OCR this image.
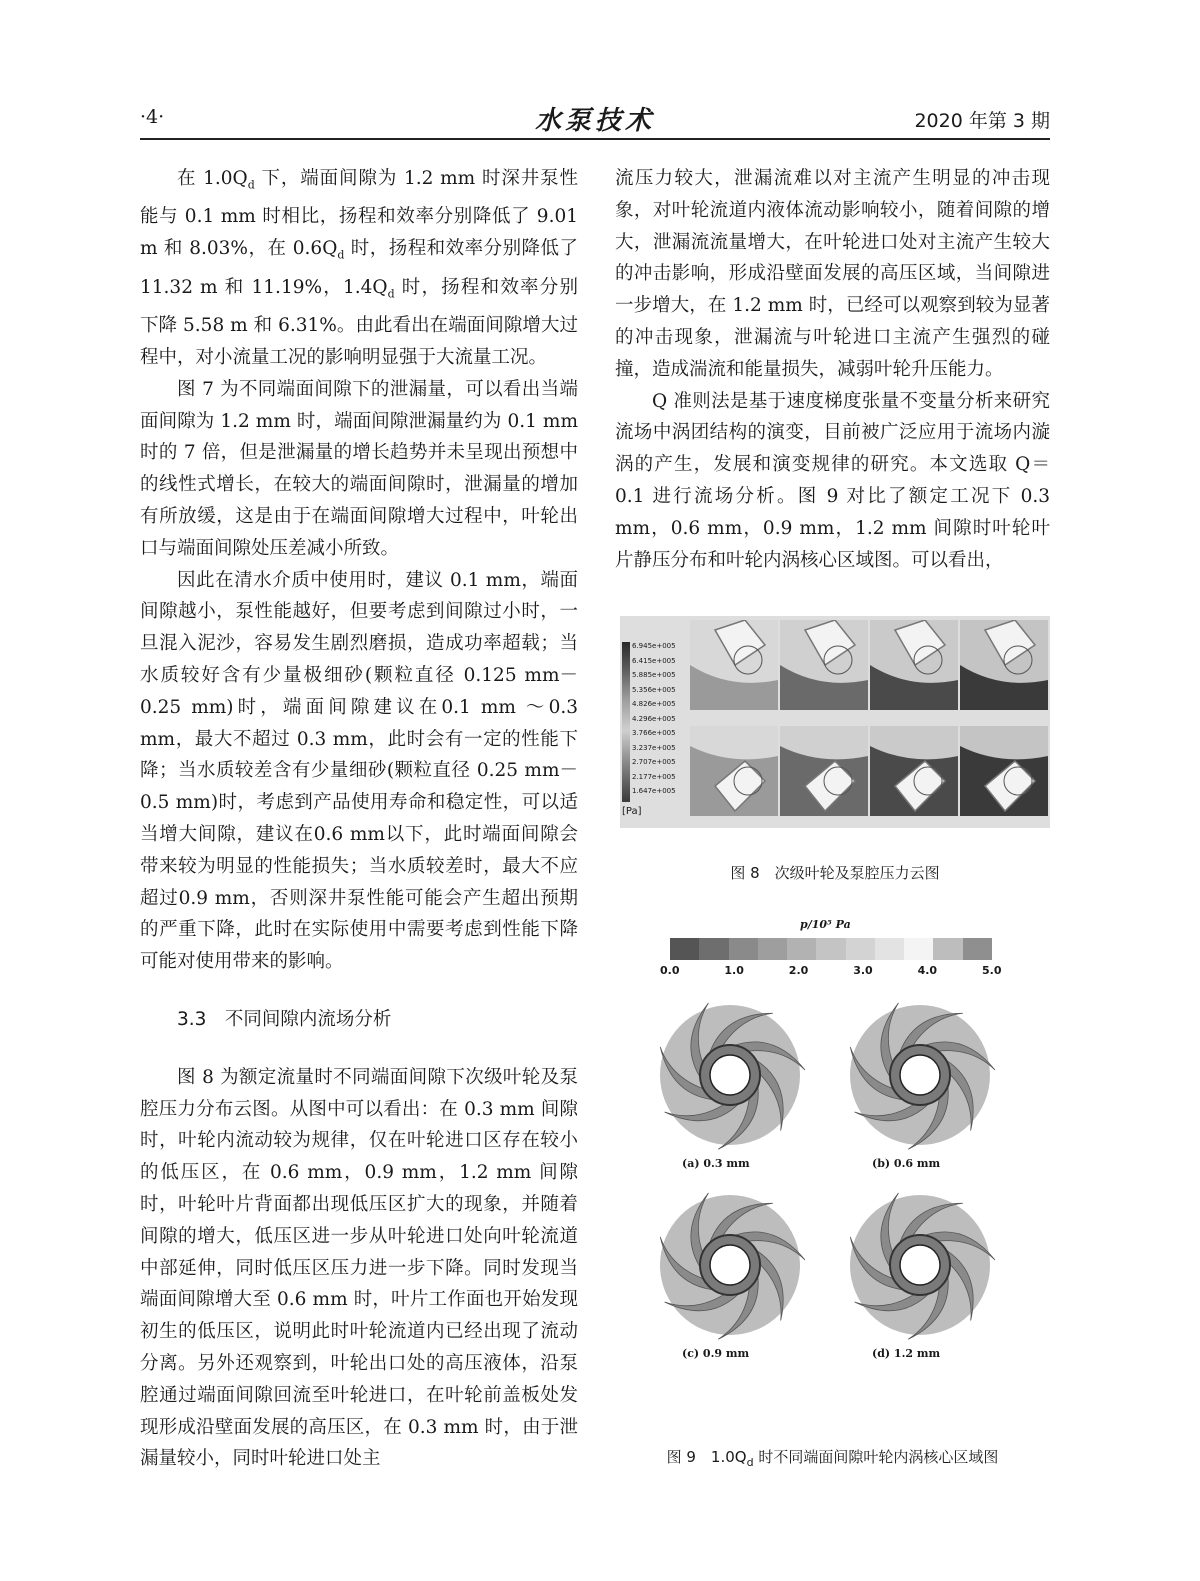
·4·	水泵技术	2020 年第 3 期

在 $1.0Q_d$ 下，端面间隙为 1.2 mm 时深井泵性能与 0.1 mm 时相比，扬程和效率分别降低了 9.01 m 和 8.03%，在 $0.6Q_d$ 时，扬程和效率分别降低了 11.32 m 和 11.19%，$1.4Q_d$ 时，扬程和效率分别下降 5.58 m 和 6.31%。由此看出在端面间隙增大过程中，对小流量工况的影响明显强于大流量工况。

图 7 为不同端面间隙下的泄漏量，可以看出当端面间隙为 1.2 mm 时，端面间隙泄漏量约为 0.1 mm时的 7 倍，但是泄漏量的增长趋势并未呈现出预想中的线性式增长，在较大的端面间隙时，泄漏量的增加有所放缓，这是由于在端面间隙增大过程中，叶轮出口与端面间隙处压差减小所致。

因此在清水介质中使用时，建议 0.1 mm，端面间隙越小，泵性能越好，但要考虑到间隙过小时，一旦混入泥沙，容易发生剧烈磨损，造成功率超载；当水质较好含有少量极细砂(颗粒直径 0.125 mm－0.25 mm)时，端面间隙建议在0.1 mm ～0.3 mm，最大不超过 0.3 mm，此时会有一定的性能下降；当水质较差含有少量细砂(颗粒直径 0.25 mm－0.5 mm)时，考虑到产品使用寿命和稳定性，可以适当增大间隙，建议在0.6 mm以下，此时端面间隙会带来较为明显的性能损失；当水质较差时，最大不应超过0.9 mm，否则深井泵性能可能会产生超出预期的严重下降，此时在实际使用中需要考虑到性能下降可能对使用带来的影响。

3.3　不同间隙内流场分析

图 8 为额定流量时不同端面间隙下次级叶轮及泵腔压力分布云图。从图中可以看出：在 0.3 mm 间隙时，叶轮内流动较为规律，仅在叶轮进口区存在较小的低压区，在 0.6 mm，0.9 mm，1.2 mm 间隙时，叶轮叶片背面都出现低压区扩大的现象，并随着间隙的增大，低压区进一步从叶轮进口处向叶轮流道中部延伸，同时低压区压力进一步下降。同时发现当端面间隙增大至 0.6 mm 时，叶片工作面也开始发现初生的低压区，说明此时叶轮流道内已经出现了流动分离。另外还观察到，叶轮出口处的高压液体，沿泵腔通过端面间隙回流至叶轮进口，在叶轮前盖板处发现形成沿壁面发展的高压区，在 0.3 mm 时，由于泄漏量较小，同时叶轮进口处主

流压力较大，泄漏流难以对主流产生明显的冲击现象，对叶轮流道内液体流动影响较小，随着间隙的增大，泄漏流流量增大，在叶轮进口处对主流产生较大的冲击影响，形成沿壁面发展的高压区域，当间隙进一步增大，在 1.2 mm 时，已经可以观察到较为显著的冲击现象，泄漏流与叶轮进口主流产生强烈的碰撞，造成湍流和能量损失，减弱叶轮升压能力。

Q 准则法是基于速度梯度张量不变量分析来研究流场中涡团结构的演变，目前被广泛应用于流场内漩涡的产生，发展和演变规律的研究。本文选取 Q＝0.1 进行流场分析。图 9 对比了额定工况下 0.3 mm，0.6 mm，0.9 mm，1.2 mm 间隙时叶轮叶片静压分布和叶轮内涡核心区域图。可以看出，

6.945e+005
6.415e+005
5.885e+005
5.356e+005
4.826e+005
4.296e+005
3.766e+005
3.237e+005
2.707e+005
2.177e+005
1.647e+005
[Pa]
图 8　次级叶轮及泵腔压力云图
p/10⁵ Pa
0.0	1.0	2.0	3.0	4.0	5.0
(a) 0.3 mm	(b) 0.6 mm
(c) 0.9 mm	(d) 1.2 mm
图 9　$1.0Q_d$ 时不同端面间隙叶轮内涡核心区域图
